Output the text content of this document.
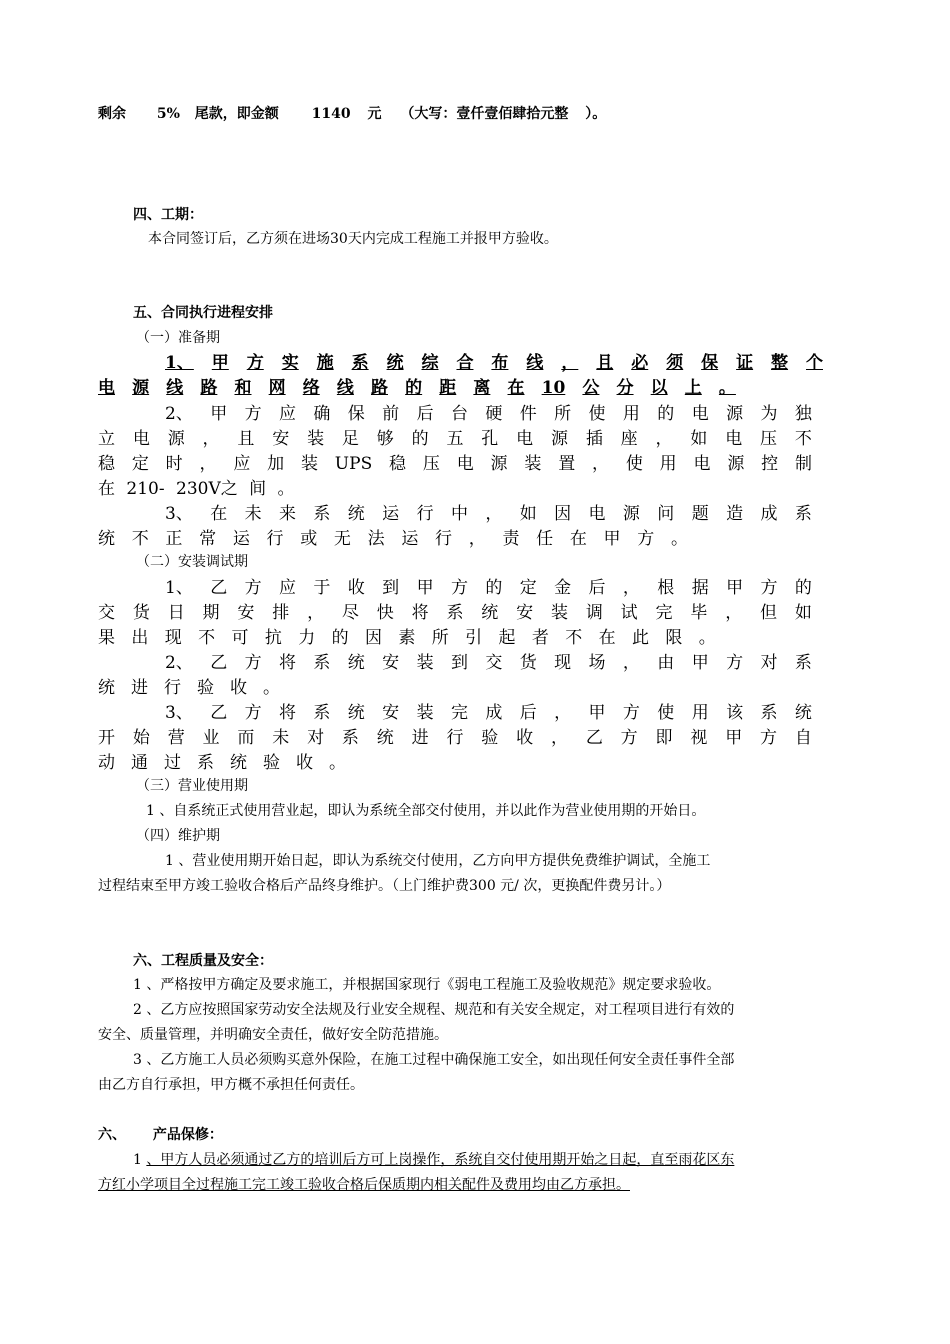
剩余 5% 尾款，即金额 1140 元 （大写：壹仟壹佰肆拾元整 ）。
四、工期：
本合同签订后，乙方须在进场30天内完成工程施工并报甲方验收。
五、合同执行进程安排
（一）准备期
1、 甲 方 实 施 系 统 综 合 布 线 ， 且 必 须 保 证 整 个
电 源 线 路 和 网 络 线 路 的 距 离 在 10 公 分 以 上 。
2、 甲 方 应 确 保 前 后 台 硬 件 所 使 用 的 电 源 为 独
立 电 源 ， 且 安 装 足 够 的 五 孔 电 源 插 座 ， 如 电 压 不
稳 定 时 ， 应 加 装 UPS 稳 压 电 源 装 置 ， 使 用 电 源 控 制
在 210- 230V之 间 。
3、 在 未 来 系 统 运 行 中 ， 如 因 电 源 问 题 造 成 系
统 不 正 常 运 行 或 无 法 运 行 ， 责 任 在 甲 方 。
（二）安装调试期
1、 乙 方 应 于 收 到 甲 方 的 定 金 后 ， 根 据 甲 方 的
交 货 日 期 安 排 ， 尽 快 将 系 统 安 装 调 试 完 毕 ， 但 如
果 出 现 不 可 抗 力 的 因 素 所 引 起 者 不 在 此 限 。
2、 乙 方 将 系 统 安 装 到 交 货 现 场 ， 由 甲 方 对 系
统 进 行 验 收 。
3、 乙 方 将 系 统 安 装 完 成 后 ， 甲 方 使 用 该 系 统
开 始 营 业 而 未 对 系 统 进 行 验 收 ， 乙 方 即 视 甲 方 自
动 通 过 系 统 验 收 。
（三）营业使用期
1 、自系统正式使用营业起，即认为系统全部交付使用，并以此作为营业使用期的开始日。
（四）维护期
1 、营业使用期开始日起，即认为系统交付使用，乙方向甲方提供免费维护调试，全施工
过程结束至甲方竣工验收合格后产品终身维护。（上门维护费300 元/ 次，更换配件费另计。）
六、工程质量及安全：
1 、严格按甲方确定及要求施工，并根据国家现行《弱电工程施工及验收规范》规定要求验收。
2 、乙方应按照国家劳动安全法规及行业安全规程、规范和有关安全规定，对工程项目进行有效的
安全、质量管理，并明确安全责任，做好安全防范措施。
3 、乙方施工人员必须购买意外保险，在施工过程中确保施工安全，如出现任何安全责任事件全部
由乙方自行承担，甲方概不承担任何责任。
六、 产品保修：
1 、甲方人员必须通过乙方的培训后方可上岗操作，系统自交付使用期开始之日起，直至雨花区东
方红小学项目全过程施工完工竣工验收合格后保质期内相关配件及费用均由乙方承担。
